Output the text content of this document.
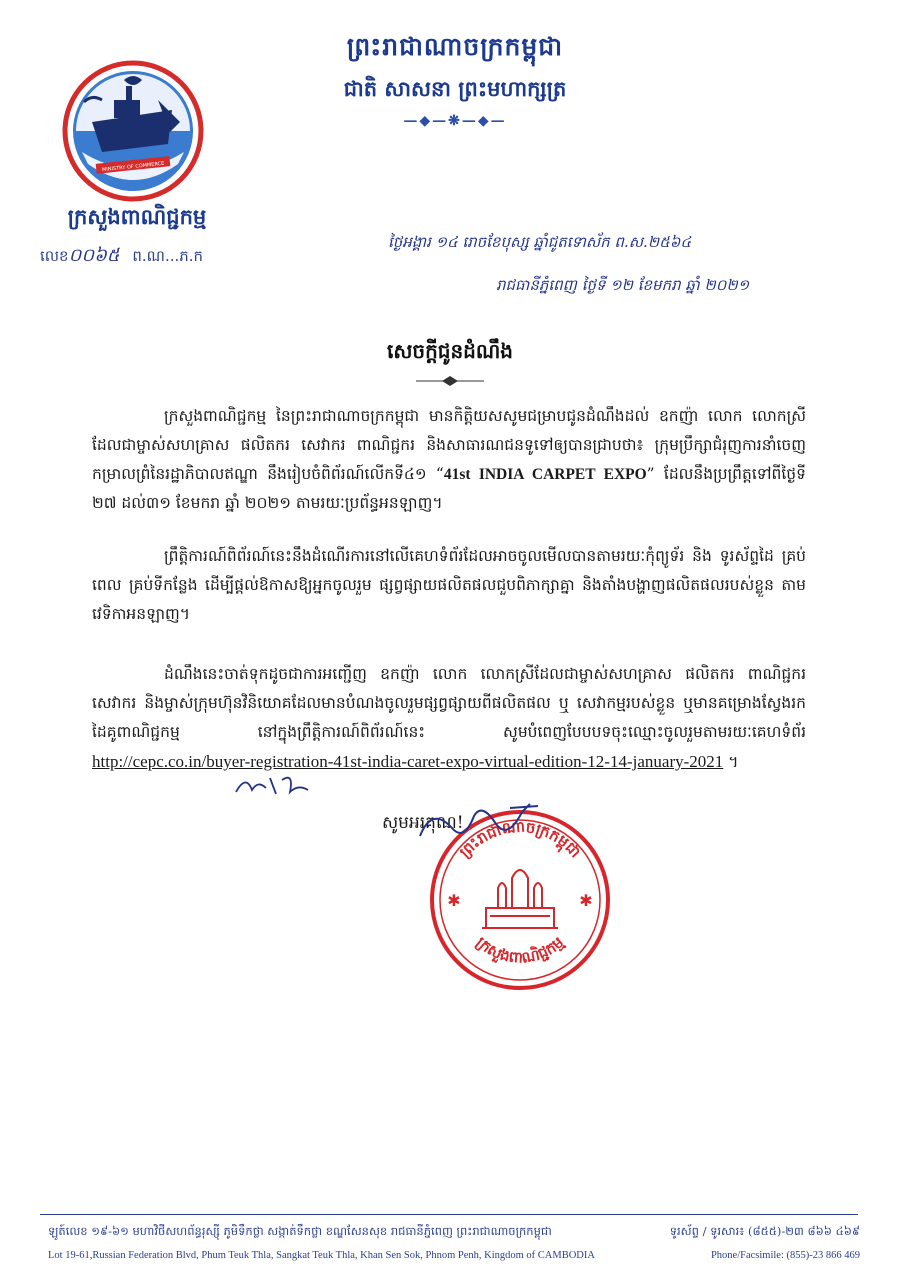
ព្រះរាជាណាចក្រកម្ពុជា
ជាតិ សាសនា ព្រះមហាក្សត្រ
—◆—❋—◆—
MINISTRY OF COMMERCE
ក្រសួងពាណិជ្ជកម្ម
លេខ០០៦៥ ព.ណ...ភ.ក
ថ្ងៃអង្គារ ១៤ រោចខែបុស្ស ឆ្នាំជូតទោស័ក ព.ស.២៥៦៤
រាជធានីភ្នំពេញ ថ្ងៃទី ១២ ខែមករា ឆ្នាំ ២០២១
សេចក្តីជូនដំណឹង
ក្រសួងពាណិជ្ជកម្ម នៃព្រះរាជាណាចក្រកម្ពុជា មានកិត្តិយសសូមជម្រាបជូនដំណឹងដល់ ឧកញ៉ា លោក លោកស្រី ដែលជាម្ចាស់សហគ្រាស ផលិតករ សេវាករ ពាណិជ្ជករ និងសាធារណជនទូទៅឲ្យបានជ្រាបថា៖ ក្រុមប្រឹក្សាជំរុញការនាំចេញកម្រាលព្រំនៃរដ្ឋាភិបាលឥណ្ឌា នឹងរៀបចំពិព័រណ៍លើកទី៤១ “41st INDIA CARPET EXPO” ដែលនឹងប្រព្រឹត្តទៅពីថ្ងៃទី ២៧ ដល់៣១ ខែមករា ឆ្នាំ ២០២១ តាមរយៈប្រព័ន្ធអនឡាញ។
ព្រឹត្តិការណ៍ពិព័រណ៍នេះនឹងដំណើរការនៅលើគេហទំព័រដែលអាចចូលមើលបានតាមរយៈកុំព្យូទ័រ និង ទូរស័ព្ទដៃ គ្រប់ពេល គ្រប់ទីកន្លែង ដើម្បីផ្តល់ឱកាសឱ្យអ្នកចូលរួម ផ្សព្វផ្សាយផលិតផលជួបពិភាក្សាគ្នា និងតាំងបង្ហាញផលិតផលរបស់ខ្លួន តាមវេទិកាអនឡាញ។
ដំណឹងនេះចាត់ទុកដូចជាការអញ្ជើញ ឧកញ៉ា លោក លោកស្រីដែលជាម្ចាស់សហគ្រាស ផលិតករ ពាណិជ្ជករ សេវាករ និងម្ចាស់ក្រុមហ៊ុនវិនិយោគដែលមានបំណងចូលរួមផ្សព្វផ្សាយពីផលិតផល ឬ សេវាកម្មរបស់ខ្លួន ឬមានគម្រោងស្វែងរកដៃគូពាណិជ្ជកម្ម នៅក្នុងព្រឹត្តិការណ៍ពិព័រណ៍នេះ សូមបំពេញបែបបទចុះឈ្មោះចូលរួមតាមរយៈគេហទំព័រ http://cepc.co.in/buyer-registration-41st-india-caret-expo-virtual-edition-12-14-january-2021 ។
សូមអរគុណ!
ព្រះរាជាណាចក្រកម្ពុជា
ក្រសួងពាណិជ្ជកម្ម
✱	✱
ឡូត៍លេខ ១៩-៦១ មហាវិថីសហព័ន្ធរុស្ស៊ី ភូមិទឹកថ្លា សង្កាត់ទឹកថ្លា ខណ្ឌសែនសុខ រាជធានីភ្នំពេញ ព្រះរាជាណាចក្រកម្ពុជា	ទូរស័ព្ទ / ទូរសារ៖ (៨៥៥)-២៣ ៨៦៦ ៤៦៩
Lot 19-61,Russian Federation Blvd, Phum Teuk Thla, Sangkat Teuk Thla, Khan Sen Sok, Phnom Penh, Kingdom of CAMBODIA	Phone/Facsimile: (855)-23 866 469
